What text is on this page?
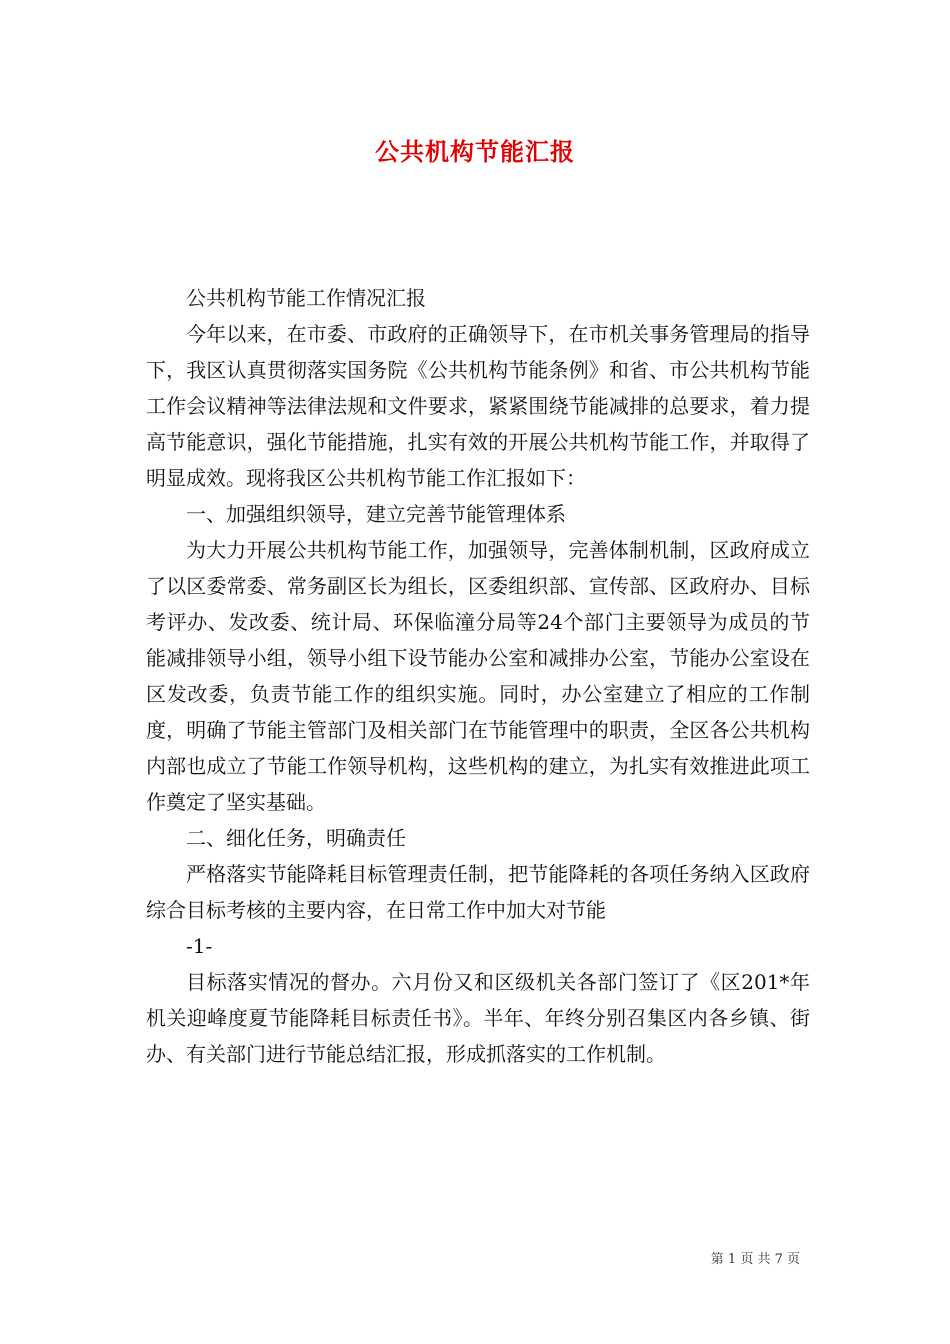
公共机构节能汇报

公共机构节能工作情况汇报

今年以来，在市委、市政府的正确领导下，在市机关事务管理局的指导下，我区认真贯彻落实国务院《公共机构节能条例》和省、市公共机构节能工作会议精神等法律法规和文件要求，紧紧围绕节能减排的总要求，着力提高节能意识，强化节能措施，扎实有效的开展公共机构节能工作，并取得了明显成效。现将我区公共机构节能工作汇报如下：

一、加强组织领导，建立完善节能管理体系

为大力开展公共机构节能工作，加强领导，完善体制机制，区政府成立了以区委常委、常务副区长为组长，区委组织部、宣传部、区政府办、目标考评办、发改委、统计局、环保临潼分局等24个部门主要领导为成员的节能减排领导小组，领导小组下设节能办公室和减排办公室，节能办公室设在区发改委，负责节能工作的组织实施。同时，办公室建立了相应的工作制度，明确了节能主管部门及相关部门在节能管理中的职责，全区各公共机构内部也成立了节能工作领导机构，这些机构的建立，为扎实有效推进此项工作奠定了坚实基础。

二、细化任务，明确责任

严格落实节能降耗目标管理责任制，把节能降耗的各项任务纳入区政府综合目标考核的主要内容，在日常工作中加大对节能

-1-

目标落实情况的督办。六月份又和区级机关各部门签订了《区201*年机关迎峰度夏节能降耗目标责任书》。半年、年终分别召集区内各乡镇、街办、有关部门进行节能总结汇报，形成抓落实的工作机制。

第 1 页 共 7 页
